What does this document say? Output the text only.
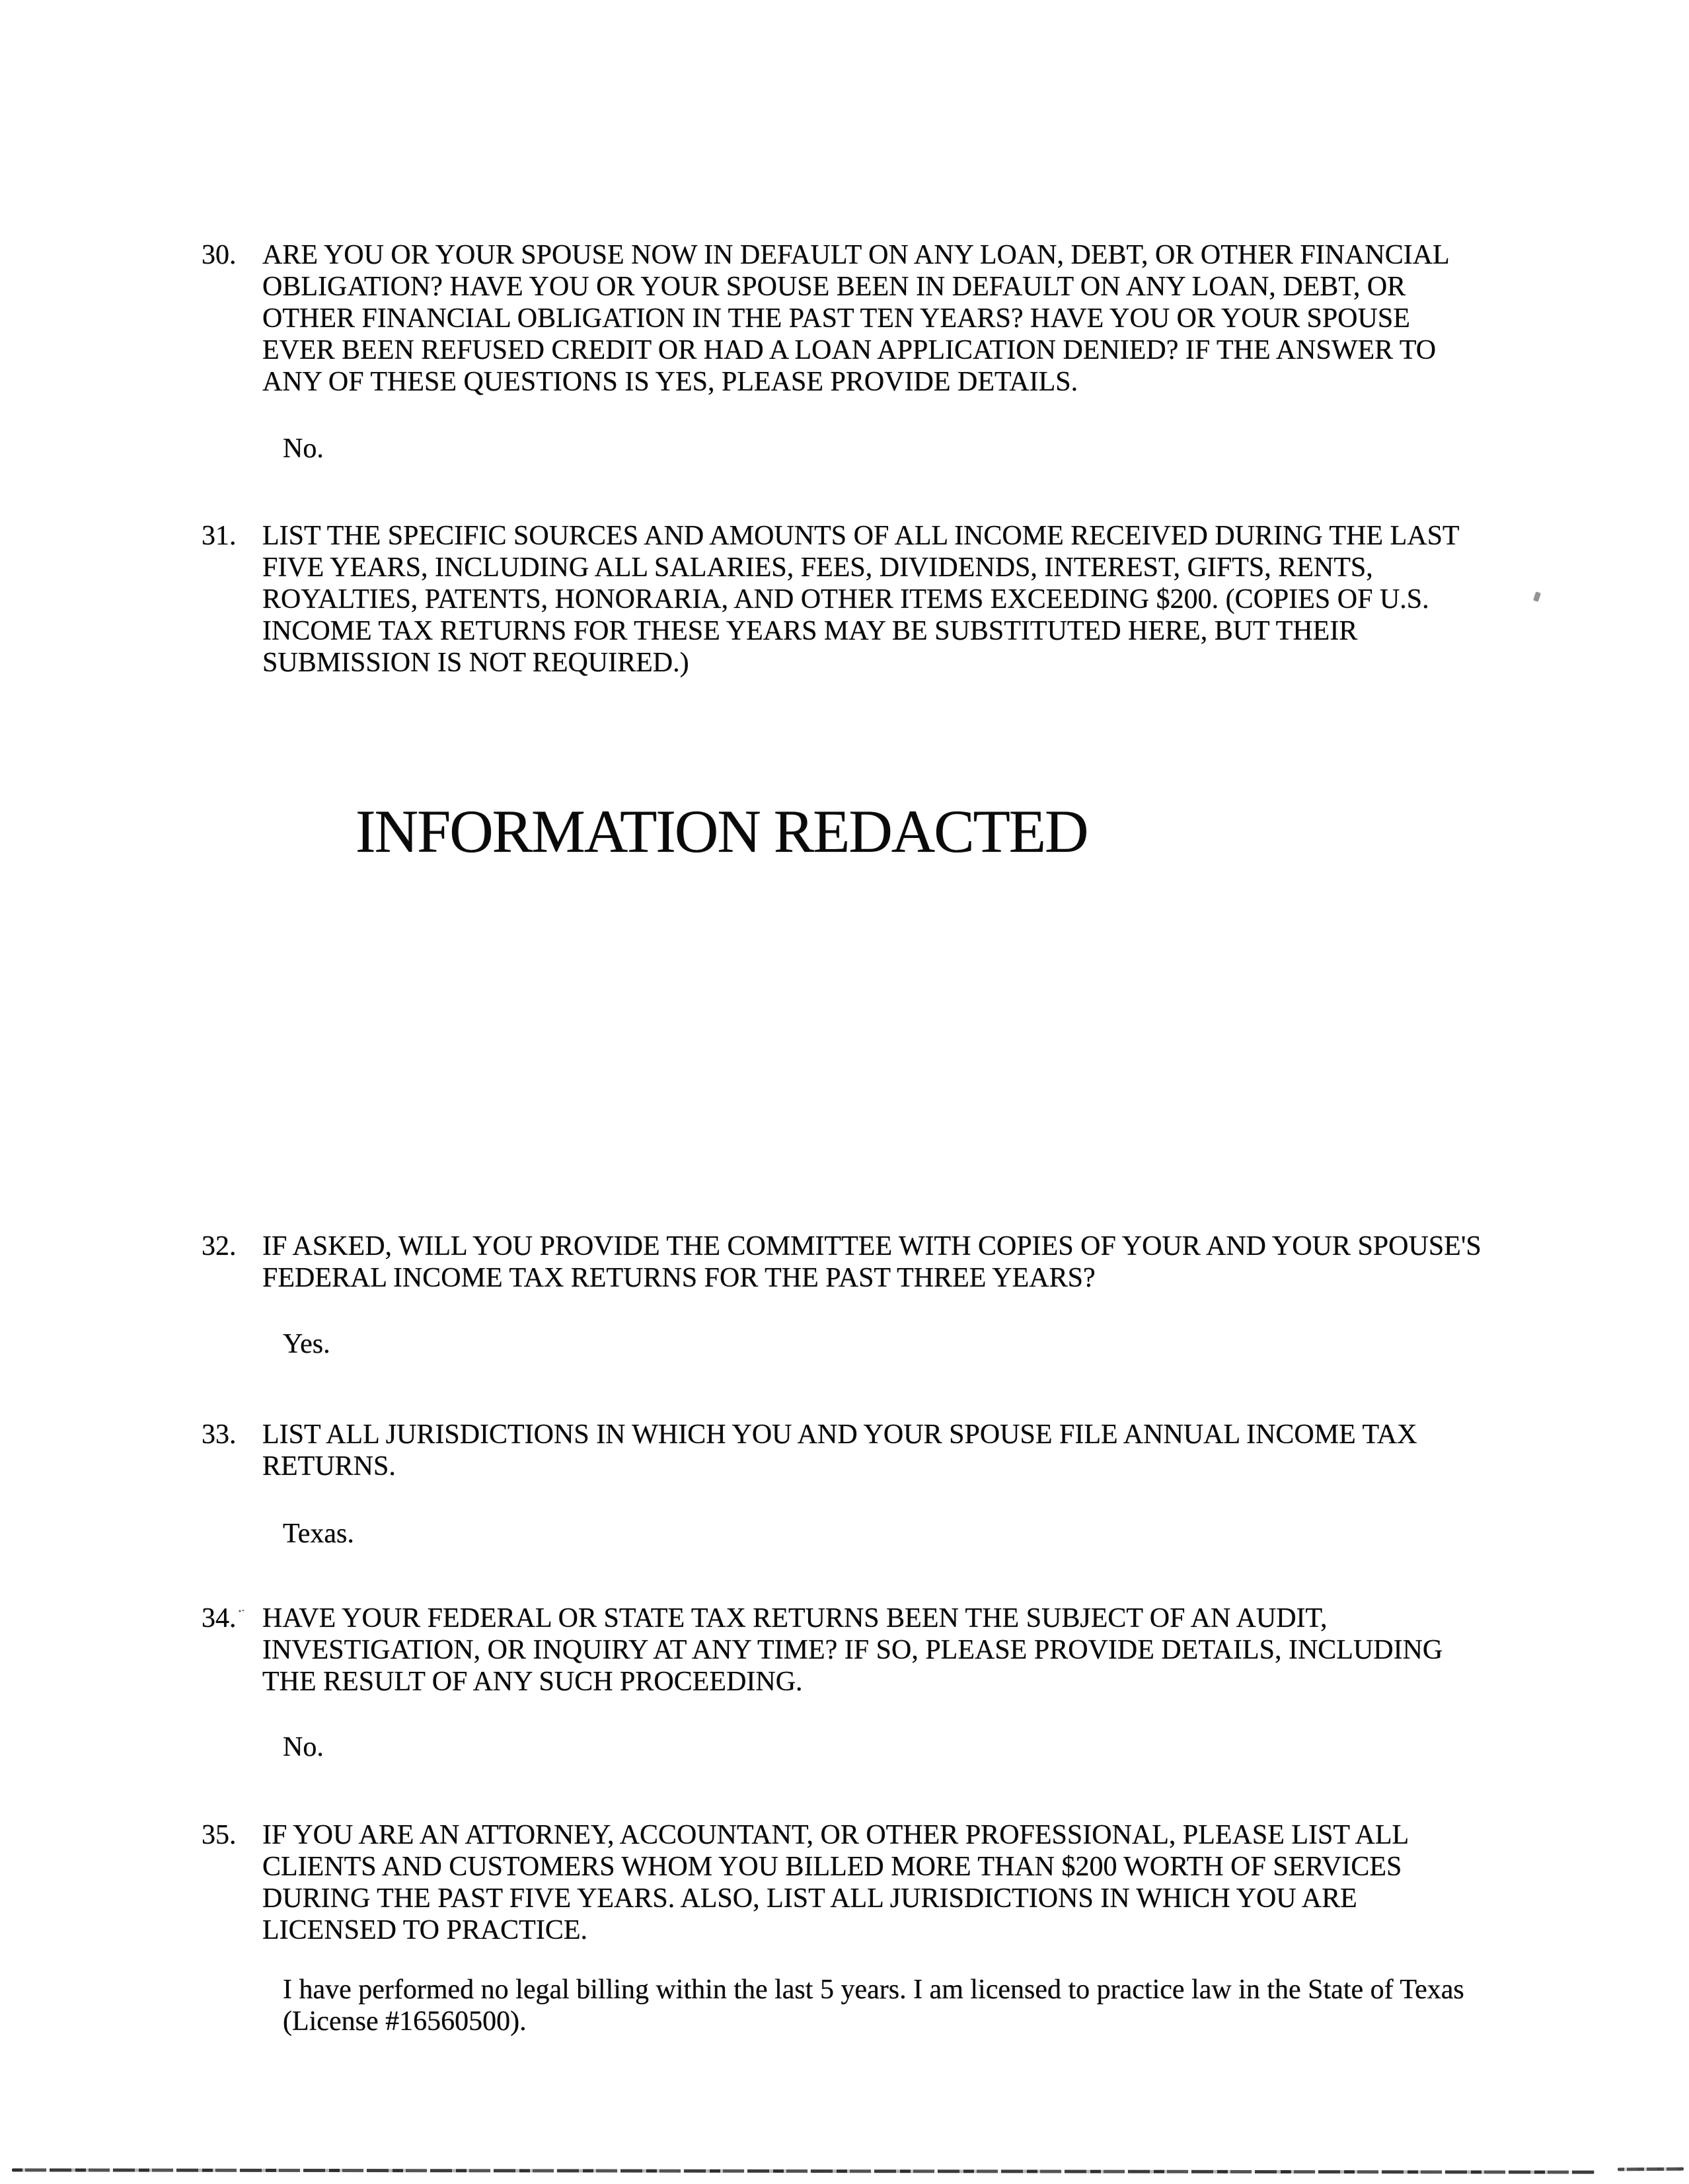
30. ARE YOU OR YOUR SPOUSE NOW IN DEFAULT ON ANY LOAN, DEBT, OR OTHER FINANCIAL OBLIGATION? HAVE YOU OR YOUR SPOUSE BEEN IN DEFAULT ON ANY LOAN, DEBT, OR OTHER FINANCIAL OBLIGATION IN THE PAST TEN YEARS? HAVE YOU OR YOUR SPOUSE EVER BEEN REFUSED CREDIT OR HAD A LOAN APPLICATION DENIED? IF THE ANSWER TO ANY OF THESE QUESTIONS IS YES, PLEASE PROVIDE DETAILS.

No.

31. LIST THE SPECIFIC SOURCES AND AMOUNTS OF ALL INCOME RECEIVED DURING THE LAST FIVE YEARS, INCLUDING ALL SALARIES, FEES, DIVIDENDS, INTEREST, GIFTS, RENTS, ROYALTIES, PATENTS, HONORARIA, AND OTHER ITEMS EXCEEDING $200. (COPIES OF U.S. INCOME TAX RETURNS FOR THESE YEARS MAY BE SUBSTITUTED HERE, BUT THEIR SUBMISSION IS NOT REQUIRED.)

INFORMATION REDACTED
32. IF ASKED, WILL YOU PROVIDE THE COMMITTEE WITH COPIES OF YOUR AND YOUR SPOUSE'S FEDERAL INCOME TAX RETURNS FOR THE PAST THREE YEARS?

Yes.

33. LIST ALL JURISDICTIONS IN WHICH YOU AND YOUR SPOUSE FILE ANNUAL INCOME TAX RETURNS.

Texas.

34. HAVE YOUR FEDERAL OR STATE TAX RETURNS BEEN THE SUBJECT OF AN AUDIT, INVESTIGATION, OR INQUIRY AT ANY TIME? IF SO, PLEASE PROVIDE DETAILS, INCLUDING THE RESULT OF ANY SUCH PROCEEDING.

No.

35. IF YOU ARE AN ATTORNEY, ACCOUNTANT, OR OTHER PROFESSIONAL, PLEASE LIST ALL CLIENTS AND CUSTOMERS WHOM YOU BILLED MORE THAN $200 WORTH OF SERVICES DURING THE PAST FIVE YEARS. ALSO, LIST ALL JURISDICTIONS IN WHICH YOU ARE LICENSED TO PRACTICE.

I have performed no legal billing within the last 5 years. I am licensed to practice law in the State of Texas (License #16560500).
